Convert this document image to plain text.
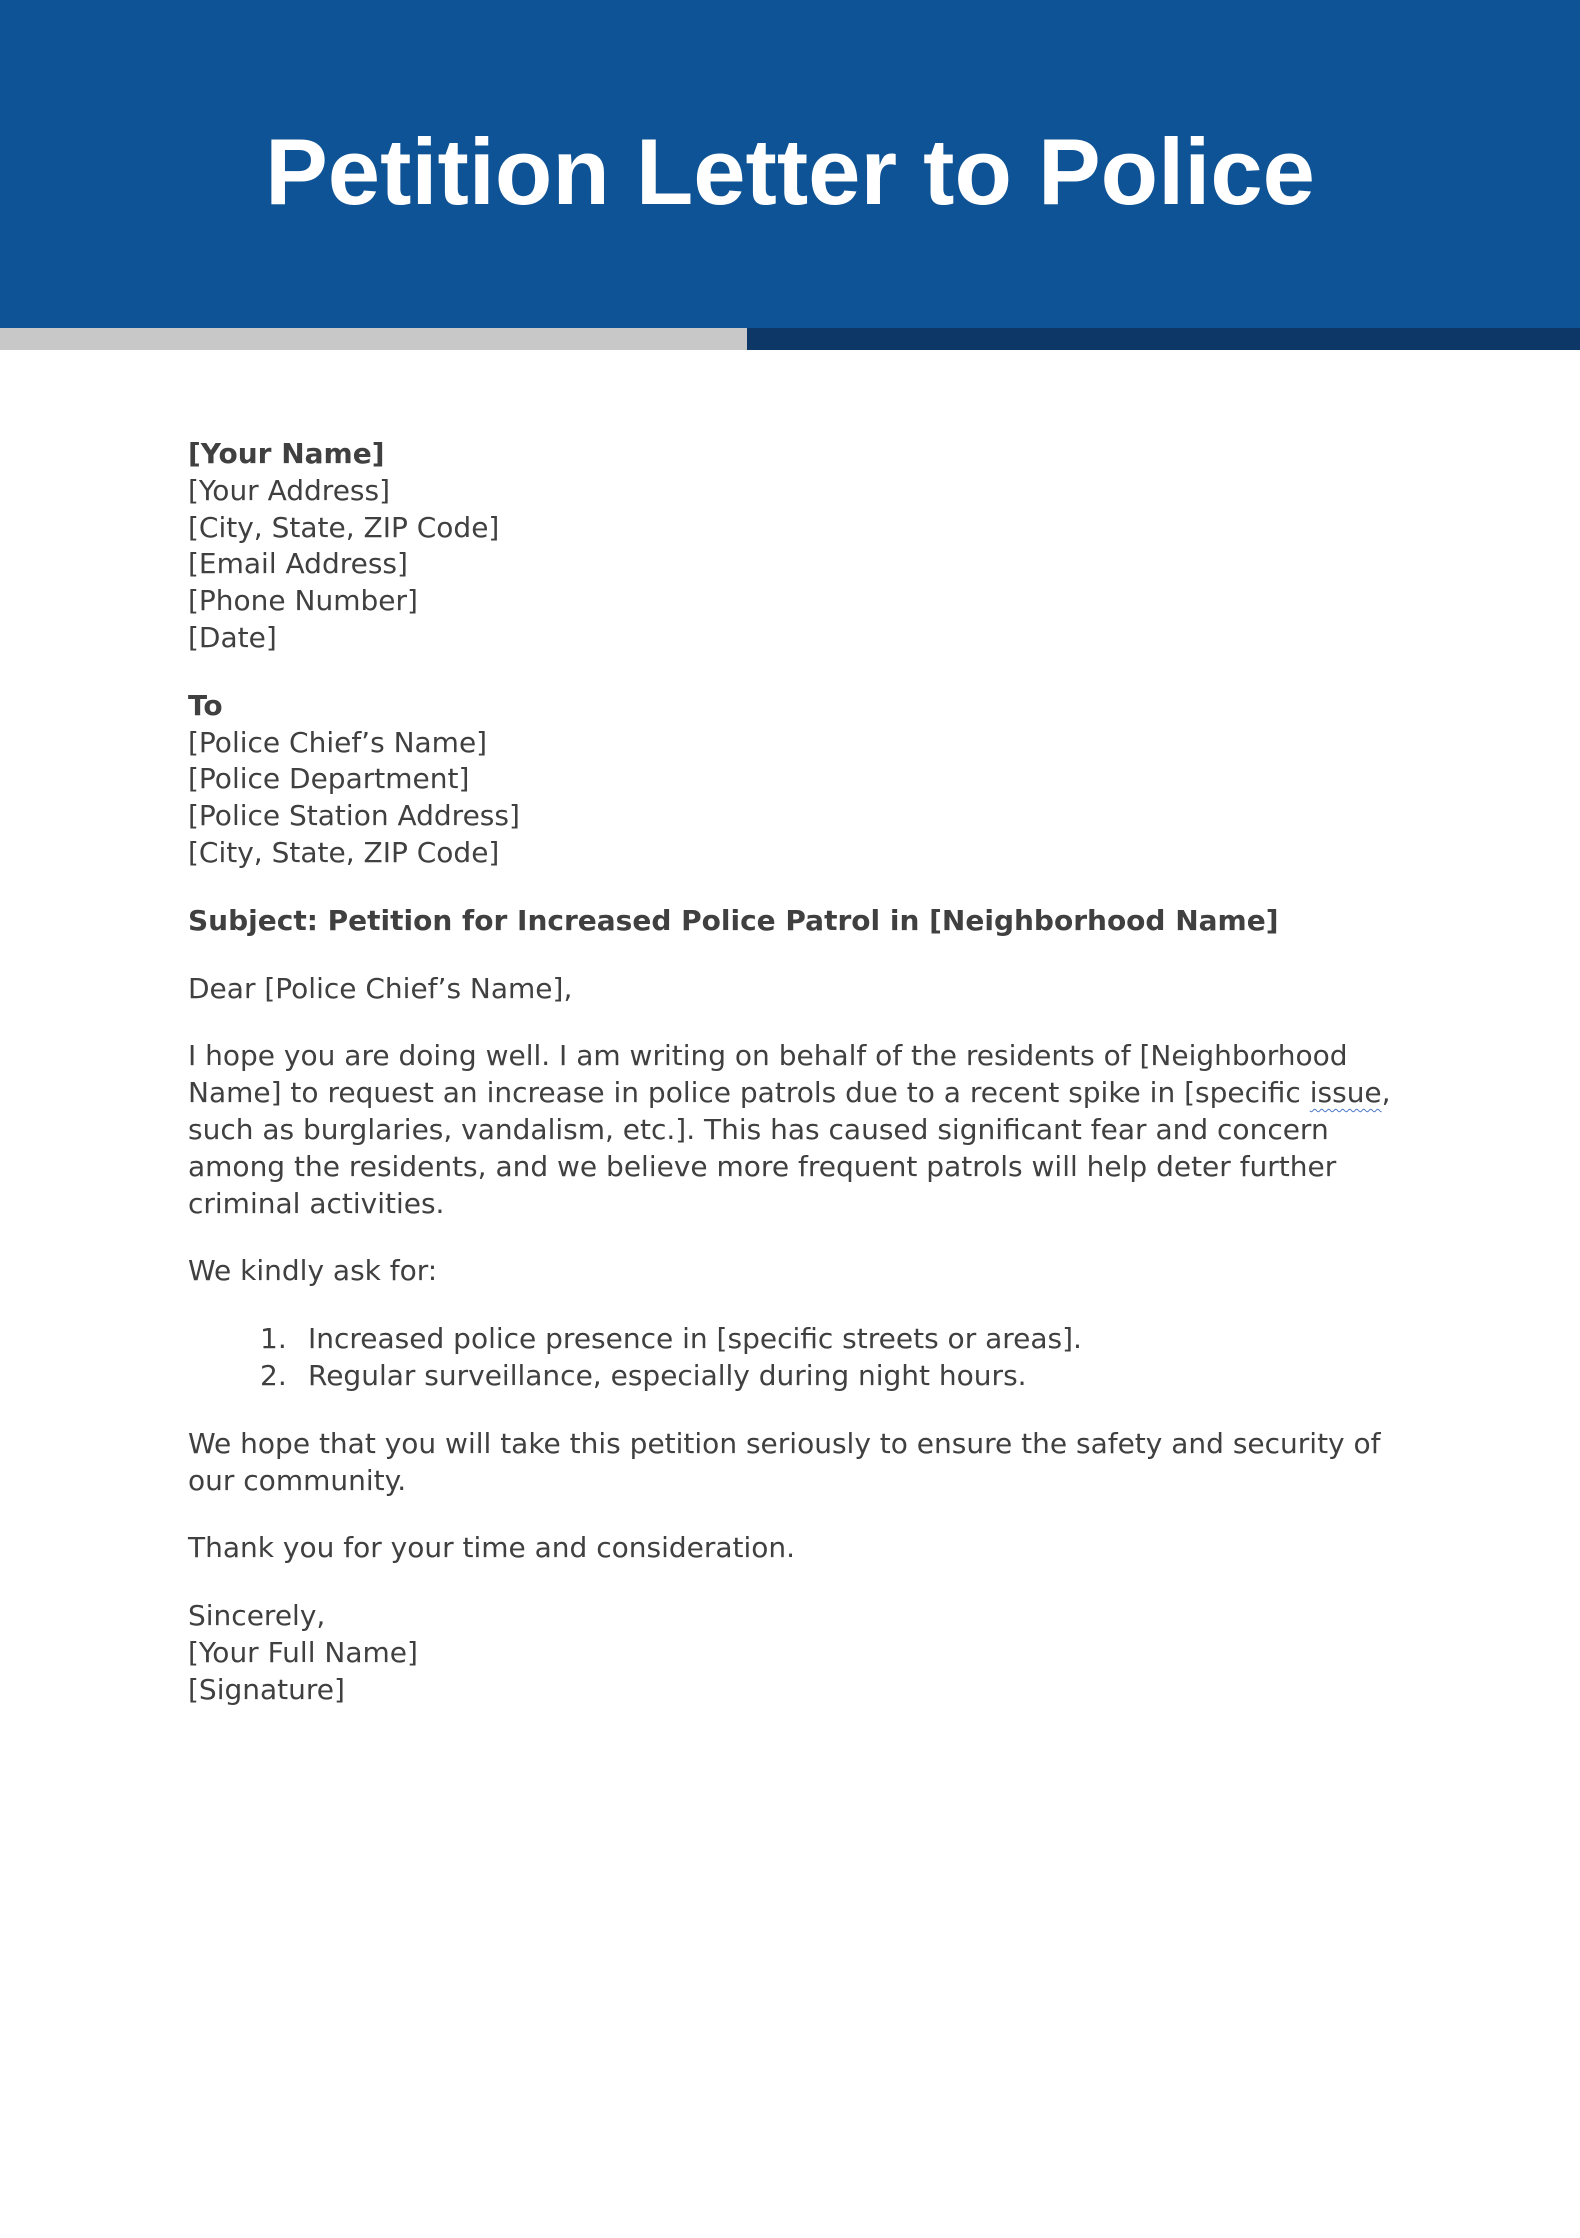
Petition Letter to Police
[Your Name]
[Your Address]
[City, State, ZIP Code]
[Email Address]
[Phone Number]
[Date]
To
[Police Chief’s Name]
[Police Department]
[Police Station Address]
[City, State, ZIP Code]
Subject: Petition for Increased Police Patrol in [Neighborhood Name]
Dear [Police Chief’s Name],

I hope you are doing well. I am writing on behalf of the residents of [Neighborhood Name] to request an increase in police patrols due to a recent spike in [specific issue, such as burglaries, vandalism, etc.]. This has caused significant fear and concern among the residents, and we believe more frequent patrols will help deter further criminal activities.

We kindly ask for:
1. Increased police presence in [specific streets or areas].
2. Regular surveillance, especially during night hours.

We hope that you will take this petition seriously to ensure the safety and security of our community.

Thank you for your time and consideration.
Sincerely,
[Your Full Name]
[Signature]
